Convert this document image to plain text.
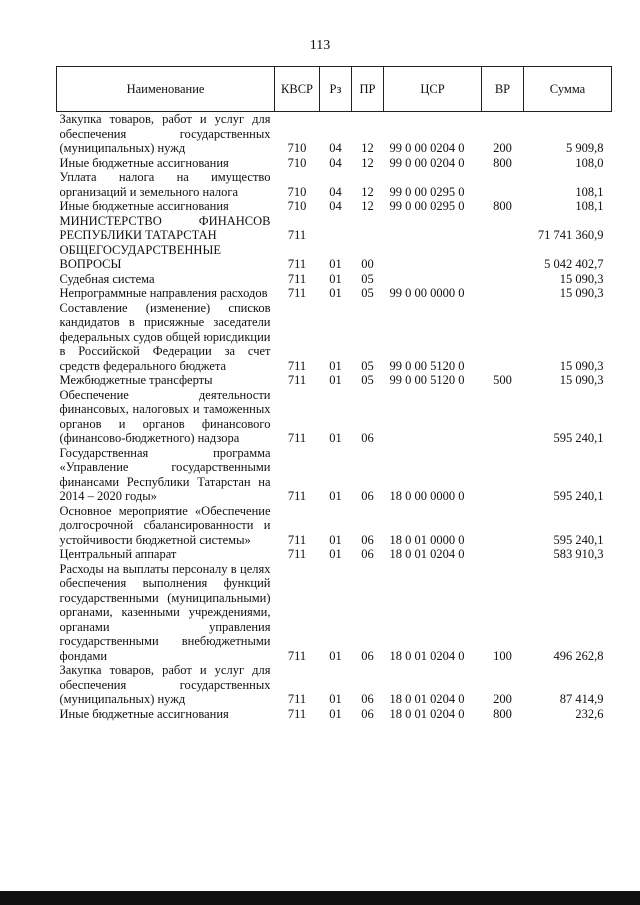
113
Наименование	КВСР	Рз	ПР	ЦСР	ВР	Сумма
Закупка товаров, работ и услуг для обеспечения государственных (муниципальных) нужд	710	04	12	99 0 00 0204 0	200	5 909,8
Иные бюджетные ассигнования	710	04	12	99 0 00 0204 0	800	108,0
Уплата налога на имущество организаций и земельного налога	710	04	12	99 0 00 0295 0		108,1
Иные бюджетные ассигнования	710	04	12	99 0 00 0295 0	800	108,1
МИНИСТЕРСТВО ФИНАНСОВ РЕСПУБЛИКИ ТАТАРСТАН	711					71 741 360,9
ОБЩЕГОСУДАРСТВЕННЫЕ ВОПРОСЫ	711	01	00			5 042 402,7
Судебная система	711	01	05			15 090,3
Непрограммные направления расходов	711	01	05	99 0 00 0000 0		15 090,3
Составление (изменение) списков кандидатов в присяжные заседатели федеральных судов общей юрисдикции в Российской Федерации за счет средств федерального бюджета	711	01	05	99 0 00 5120 0		15 090,3
Межбюджетные трансферты	711	01	05	99 0 00 5120 0	500	15 090,3
Обеспечение деятельности финансовых, налоговых и таможенных органов и органов финансового (финансово-бюджетного) надзора	711	01	06			595 240,1
Государственная программа «Управление государственными финансами Республики Татарстан на 2014 – 2020 годы»	711	01	06	18 0 00 0000 0		595 240,1
Основное мероприятие «Обеспечение долгосрочной сбалансированности и устойчивости бюджетной системы»	711	01	06	18 0 01 0000 0		595 240,1
Центральный аппарат	711	01	06	18 0 01 0204 0		583 910,3
Расходы на выплаты персоналу в целях обеспечения выполнения функций государственными (муниципальными) органами, казенными учреждениями, органами управления государственными внебюджетными фондами	711	01	06	18 0 01 0204 0	100	496 262,8
Закупка товаров, работ и услуг для обеспечения государственных (муниципальных) нужд	711	01	06	18 0 01 0204 0	200	87 414,9
Иные бюджетные ассигнования	711	01	06	18 0 01 0204 0	800	232,6
